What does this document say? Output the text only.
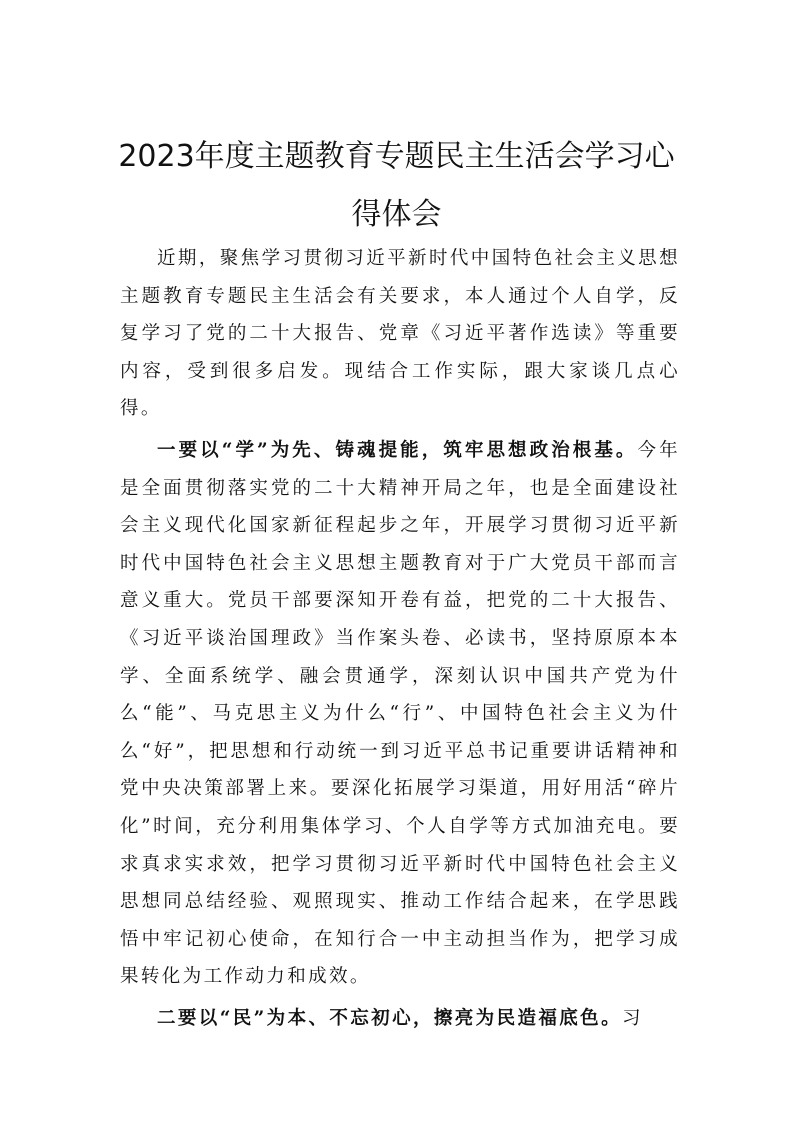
2023年度主题教育专题民主生活会学习心得体会

近期，聚焦学习贯彻习近平新时代中国特色社会主义思想主题教育专题民主生活会有关要求，本人通过个人自学，反复学习了党的二十大报告、党章《习近平著作选读》等重要内容，受到很多启发。现结合工作实际，跟大家谈几点心得。

一要以“学”为先、铸魂提能，筑牢思想政治根基。今年是全面贯彻落实党的二十大精神开局之年，也是全面建设社会主义现代化国家新征程起步之年，开展学习贯彻习近平新时代中国特色社会主义思想主题教育对于广大党员干部而言意义重大。党员干部要深知开卷有益，把党的二十大报告、《习近平谈治国理政》当作案头卷、必读书，坚持原原本本学、全面系统学、融会贯通学，深刻认识中国共产党为什么“能”、马克思主义为什么“行”、中国特色社会主义为什么“好”，把思想和行动统一到习近平总书记重要讲话精神和党中央决策部署上来。要深化拓展学习渠道，用好用活“碎片化”时间，充分利用集体学习、个人自学等方式加油充电。要求真求实求效，把学习贯彻习近平新时代中国特色社会主义思想同总结经验、观照现实、推动工作结合起来，在学思践悟中牢记初心使命，在知行合一中主动担当作为，把学习成果转化为工作动力和成效。

二要以“民”为本、不忘初心，擦亮为民造福底色。习
